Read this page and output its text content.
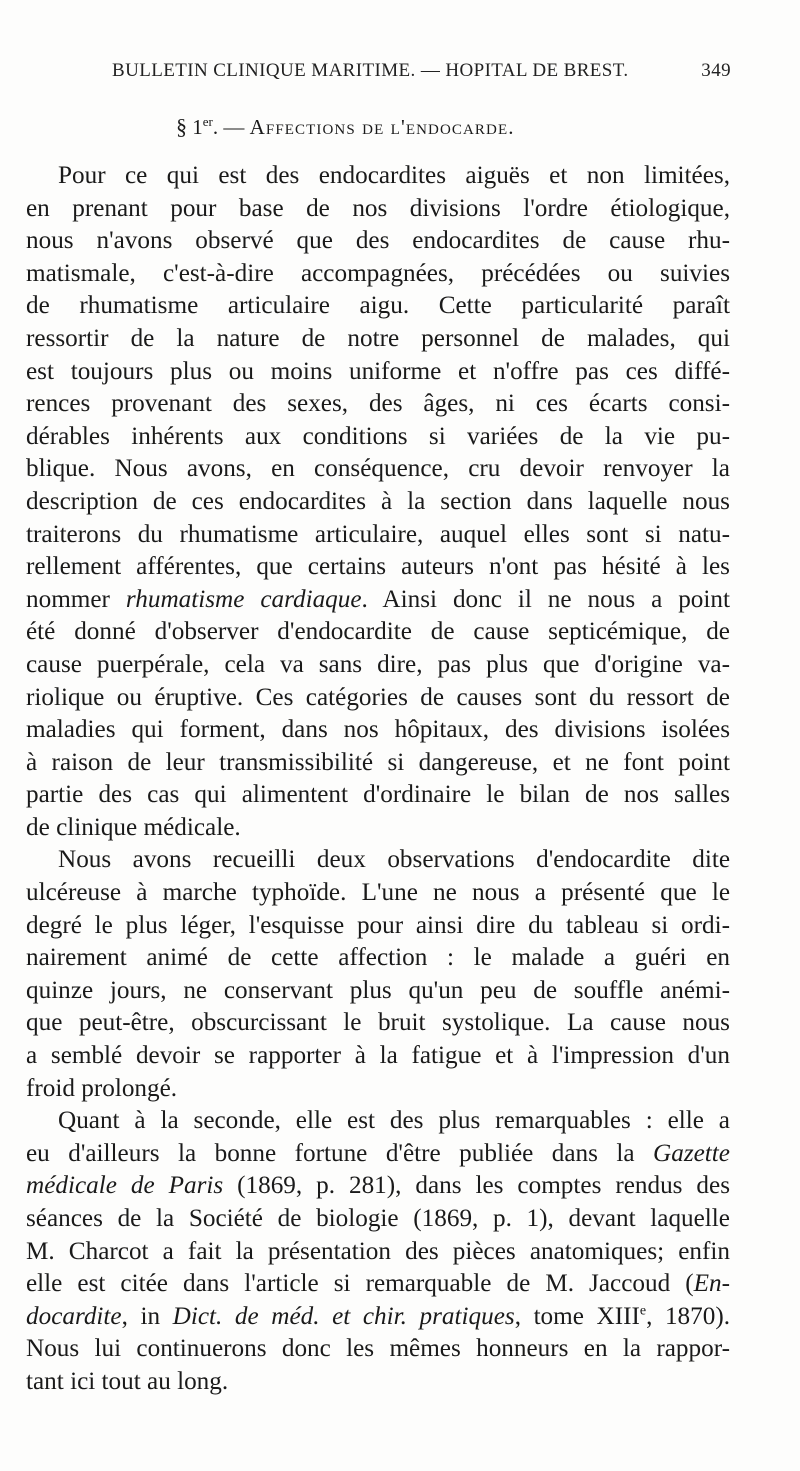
BULLETIN CLINIQUE MARITIME. — HOPITAL DE BREST.	349
§ 1er. — Affections de l'endocarde.
Pour ce qui est des endocardites aiguës et non limitées,
en prenant pour base de nos divisions l'ordre étiologique,
nous n'avons observé que des endocardites de cause rhu-
matismale, c'est-à-dire accompagnées, précédées ou suivies
de rhumatisme articulaire aigu. Cette particularité paraît
ressortir de la nature de notre personnel de malades, qui
est toujours plus ou moins uniforme et n'offre pas ces diffé-
rences provenant des sexes, des âges, ni ces écarts consi-
dérables inhérents aux conditions si variées de la vie pu-
blique. Nous avons, en conséquence, cru devoir renvoyer la
description de ces endocardites à la section dans laquelle nous
traiterons du rhumatisme articulaire, auquel elles sont si natu-
rellement afférentes, que certains auteurs n'ont pas hésité à les
nommer rhumatisme cardiaque. Ainsi donc il ne nous a point
été donné d'observer d'endocardite de cause septicémique, de
cause puerpérale, cela va sans dire, pas plus que d'origine va-
riolique ou éruptive. Ces catégories de causes sont du ressort de
maladies qui forment, dans nos hôpitaux, des divisions isolées
à raison de leur transmissibilité si dangereuse, et ne font point
partie des cas qui alimentent d'ordinaire le bilan de nos salles
de clinique médicale.
Nous avons recueilli deux observations d'endocardite dite
ulcéreuse à marche typhoïde. L'une ne nous a présenté que le
degré le plus léger, l'esquisse pour ainsi dire du tableau si ordi-
nairement animé de cette affection : le malade a guéri en
quinze jours, ne conservant plus qu'un peu de souffle anémi-
que peut-être, obscurcissant le bruit systolique. La cause nous
a semblé devoir se rapporter à la fatigue et à l'impression d'un
froid prolongé.
Quant à la seconde, elle est des plus remarquables : elle a
eu d'ailleurs la bonne fortune d'être publiée dans la Gazette
médicale de Paris (1869, p. 281), dans les comptes rendus des
séances de la Société de biologie (1869, p. 1), devant laquelle
M. Charcot a fait la présentation des pièces anatomiques; enfin
elle est citée dans l'article si remarquable de M. Jaccoud (En-
docardite, in Dict. de méd. et chir. pratiques, tome XIIIe, 1870).
Nous lui continuerons donc les mêmes honneurs en la rappor-
tant ici tout au long.
